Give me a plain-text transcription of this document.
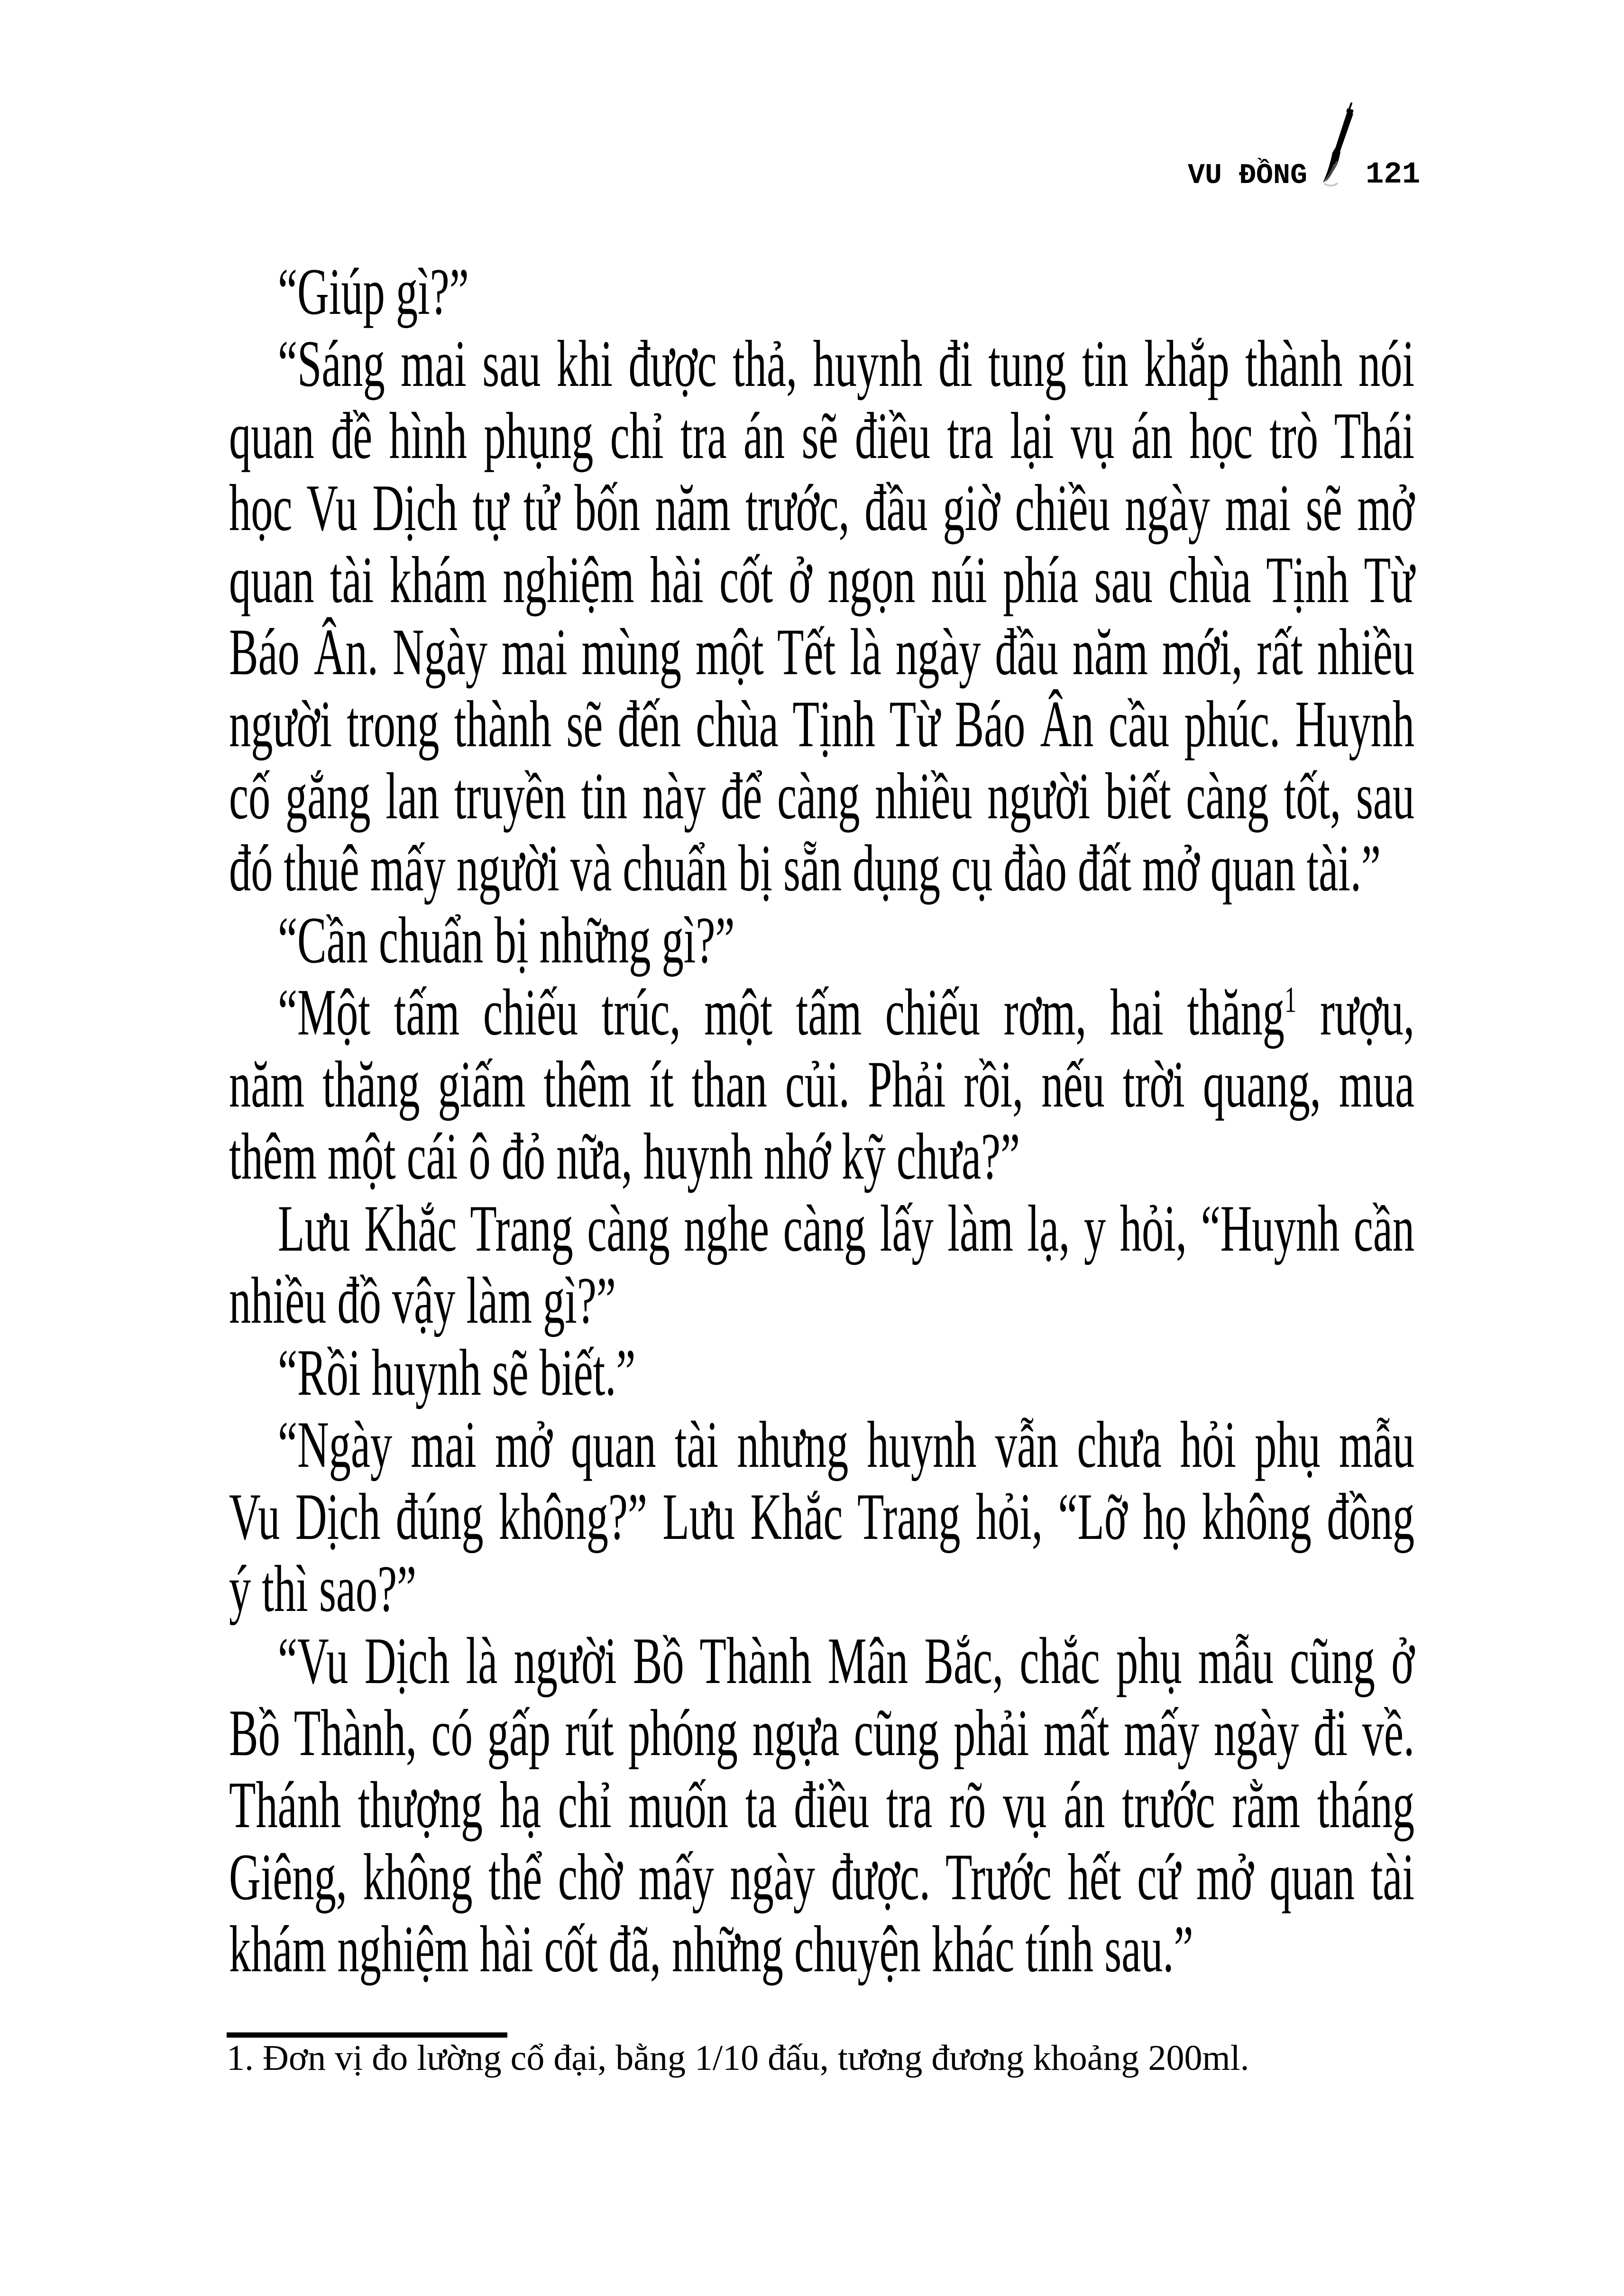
VU ĐỒNG 121
“Giúp gì?”
“Sáng mai sau khi được thả, huynh đi tung tin khắp thành nói
quan đề hình phụng chỉ tra án sẽ điều tra lại vụ án học trò Thái
học Vu Dịch tự tử bốn năm trước, đầu giờ chiều ngày mai sẽ mở
quan tài khám nghiệm hài cốt ở ngọn núi phía sau chùa Tịnh Từ
Báo Ân. Ngày mai mùng một Tết là ngày đầu năm mới, rất nhiều
người trong thành sẽ đến chùa Tịnh Từ Báo Ân cầu phúc. Huynh
cố gắng lan truyền tin này để càng nhiều người biết càng tốt, sau
đó thuê mấy người và chuẩn bị sẵn dụng cụ đào đất mở quan tài.”
“Cần chuẩn bị những gì?”
“Một tấm chiếu trúc, một tấm chiếu rơm, hai thăng$^1$ rượu,
năm thăng giấm thêm ít than củi. Phải rồi, nếu trời quang, mua
thêm một cái ô đỏ nữa, huynh nhớ kỹ chưa?”
Lưu Khắc Trang càng nghe càng lấy làm lạ, y hỏi, “Huynh cần
nhiều đồ vậy làm gì?”
“Rồi huynh sẽ biết.”
“Ngày mai mở quan tài nhưng huynh vẫn chưa hỏi phụ mẫu
Vu Dịch đúng không?” Lưu Khắc Trang hỏi, “Lỡ họ không đồng
ý thì sao?”
“Vu Dịch là người Bồ Thành Mân Bắc, chắc phụ mẫu cũng ở
Bồ Thành, có gấp rút phóng ngựa cũng phải mất mấy ngày đi về.
Thánh thượng hạ chỉ muốn ta điều tra rõ vụ án trước rằm tháng
Giêng, không thể chờ mấy ngày được. Trước hết cứ mở quan tài
khám nghiệm hài cốt đã, những chuyện khác tính sau.”
1. Đơn vị đo lường cổ đại, bằng 1/10 đấu, tương đương khoảng 200ml.
